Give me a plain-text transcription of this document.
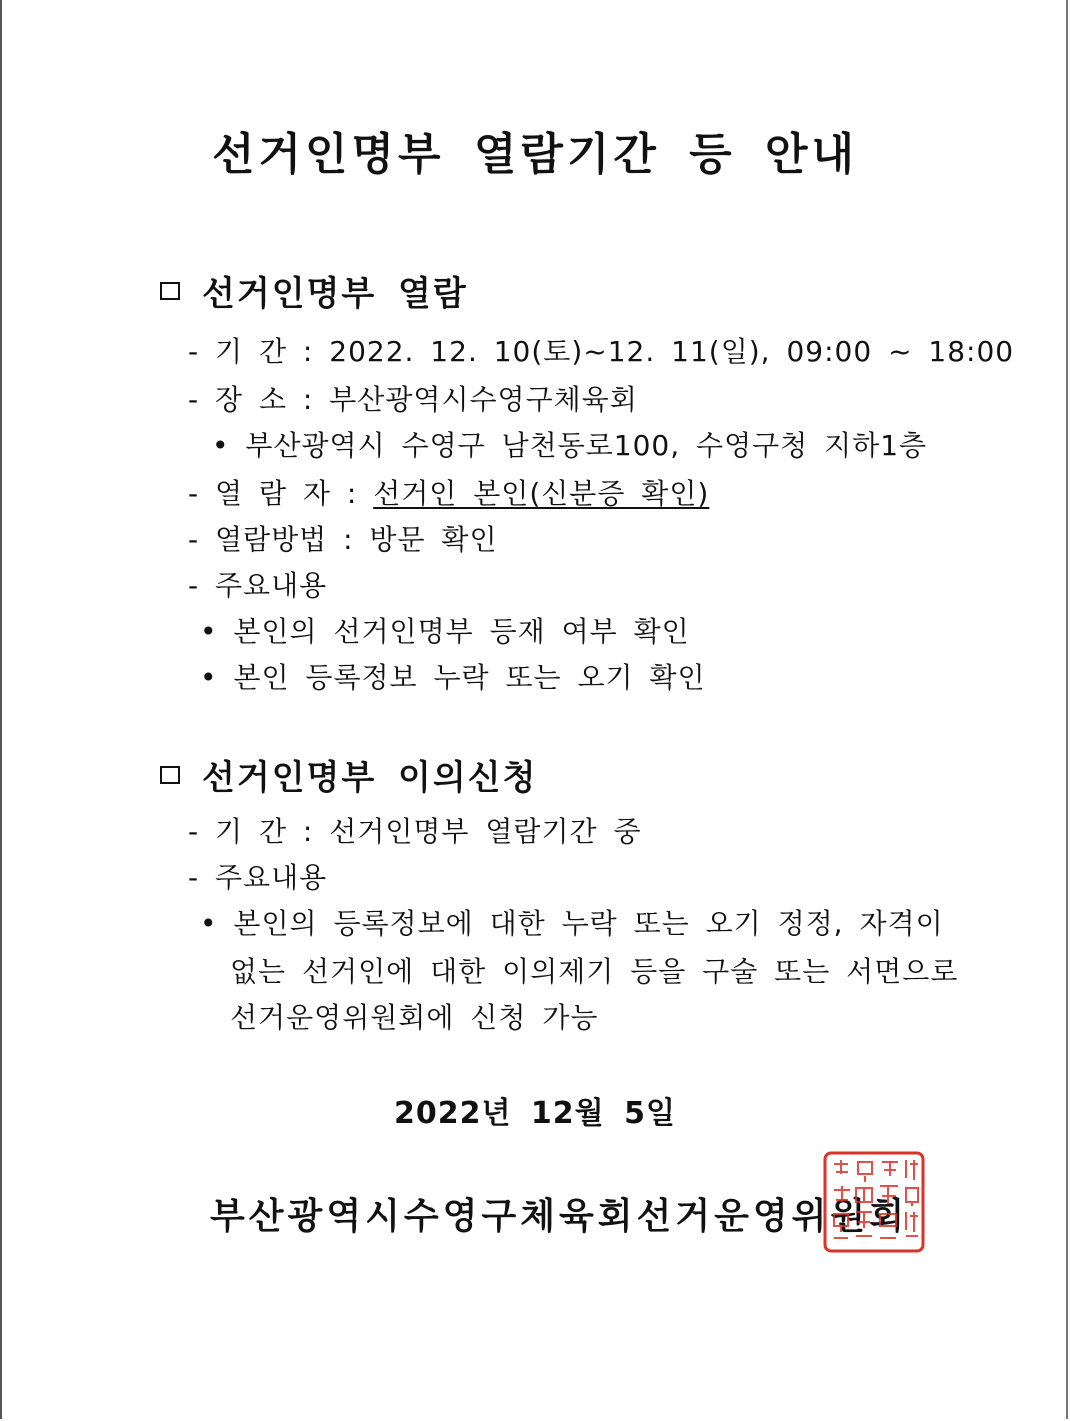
선거인명부 열람기간 등 안내
선거인명부 열람
- 기 간 : 2022. 12. 10(토)~12. 11(일), 09:00 ~ 18:00
- 장 소 : 부산광역시수영구체육회
• 부산광역시 수영구 남천동로100, 수영구청 지하1층
- 열 람 자 : 선거인 본인(신분증 확인)
- 열람방법 : 방문 확인
- 주요내용
• 본인의 선거인명부 등재 여부 확인
• 본인 등록정보 누락 또는 오기 확인
선거인명부 이의신청
- 기 간 : 선거인명부 열람기간 중
- 주요내용
• 본인의 등록정보에 대한 누락 또는 오기 정정, 자격이
없는 선거인에 대한 이의제기 등을 구술 또는 서면으로
선거운영위원회에 신청 가능
2022년 12월 5일
부산광역시수영구체육회선거운영위원회
